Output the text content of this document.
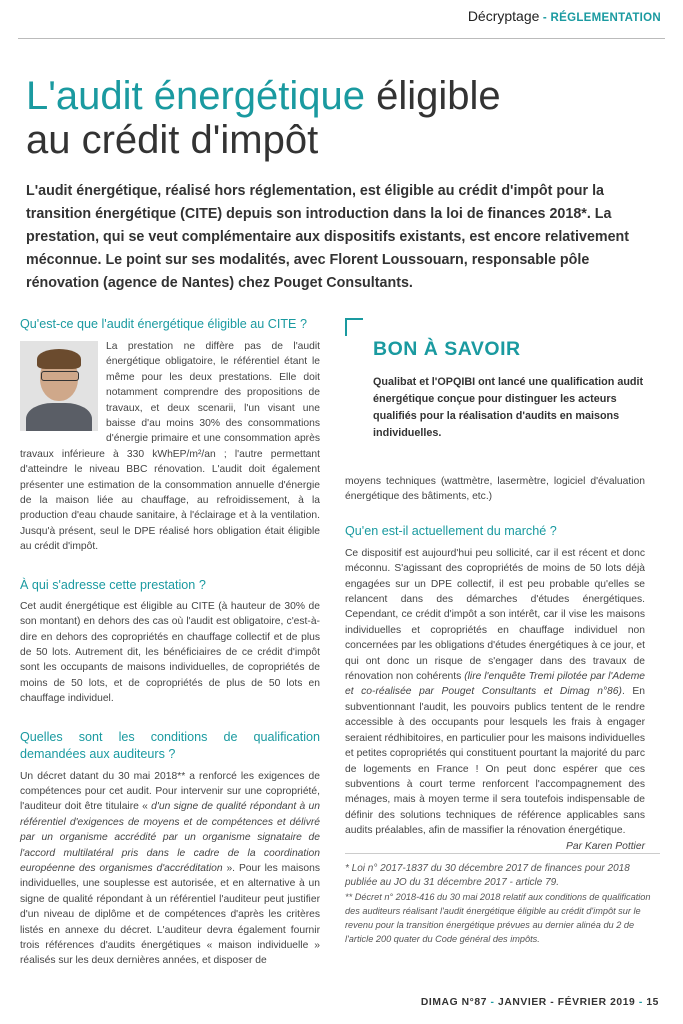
Décryptage - RÉGLEMENTATION
L'audit énergétique éligible
au crédit d'impôt
L'audit énergétique, réalisé hors réglementation, est éligible au crédit d'impôt pour la transition énergétique (CITE) depuis son introduction dans la loi de finances 2018*. La prestation, qui se veut complémentaire aux dispositifs existants, est encore relativement méconnue. Le point sur ses modalités, avec Florent Loussouarn, responsable pôle rénovation (agence de Nantes) chez Pouget Consultants.
Qu'est-ce que l'audit énergétique éligible au CITE ?

La prestation ne diffère pas de l'audit énergétique obligatoire, le référentiel étant le même pour les deux prestations. Elle doit notamment comprendre des propositions de travaux, et deux scenarii, l'un visant une baisse d'au moins 30% des consommations d'énergie primaire et une consommation après travaux inférieure à 330 kWhEP/m²/an ; l'autre permettant d'atteindre le niveau BBC rénovation. L'audit doit également présenter une estimation de la consommation annuelle d'énergie de la maison liée au chauffage, au refroidissement, à la production d'eau chaude sanitaire, à l'éclairage et à la ventilation. Jusqu'à présent, seul le DPE réalisé hors obligation était éligible au crédit d'impôt.

À qui s'adresse cette prestation ?

Cet audit énergétique est éligible au CITE (à hauteur de 30% de son montant) en dehors des cas où l'audit est obligatoire, c'est-à-dire en dehors des copropriétés en chauffage collectif et de plus de 50 lots. Autrement dit, les bénéficiaires de ce crédit d'impôt sont les occupants de maisons individuelles, de copropriétés de moins de 50 lots, et de copropriétés de plus de 50 lots en chauffage individuel.

Quelles sont les conditions de qualification demandées aux auditeurs ?

Un décret datant du 30 mai 2018** a renforcé les exigences de compétences pour cet audit. Pour intervenir sur une copropriété, l'auditeur doit être titulaire « d'un signe de qualité répondant à un référentiel d'exigences de moyens et de compétences et délivré par un organisme accrédité par un organisme signataire de l'accord multilatéral pris dans le cadre de la coordination européenne des organismes d'accréditation ». Pour les maisons individuelles, une souplesse est autorisée, et en alternative à un signe de qualité répondant à un référentiel l'auditeur peut justifier d'un niveau de diplôme et de compétences d'après les critères listés en annexe du décret. L'auditeur devra également fournir trois références d'audits énergétiques « maison individuelle » réalisés sur les deux dernières années, et disposer de

BON À SAVOIR
Qualibat et l'OPQIBI ont lancé une qualification audit énergétique conçue pour distinguer les acteurs qualifiés pour la réalisation d'audits en maisons individuelles.

moyens techniques (wattmètre, lasermètre, logiciel d'évaluation énergétique des bâtiments, etc.)

Qu'en est-il actuellement du marché ?

Ce dispositif est aujourd'hui peu sollicité, car il est récent et donc méconnu. S'agissant des copropriétés de moins de 50 lots déjà engagées sur un DPE collectif, il est peu probable qu'elles se relancent dans des démarches d'études énergétiques. Cependant, ce crédit d'impôt a son intérêt, car il vise les maisons individuelles et copropriétés en chauffage individuel non concernées par les obligations d'études énergétiques à ce jour, et qui ont donc un risque de s'engager dans des travaux de rénovation non cohérents (lire l'enquête Tremi pilotée par l'Ademe et co-réalisée par Pouget Consultants et Dimag n°86). En subventionnant l'audit, les pouvoirs publics tentent de le rendre accessible à des occupants pour lesquels les frais à engager seraient rédhibitoires, en particulier pour les maisons individuelles et petites copropriétés qui constituent pourtant la majorité du parc de logements en France ! On peut donc espérer que ces subventions à court terme renforcent l'accompagnement des ménages, mais à moyen terme il sera toutefois indispensable de définir des solutions techniques de référence applicables sans audits préalables, afin de massifier la rénovation énergétique.

Par Karen Pottier

* Loi n° 2017-1837 du 30 décembre 2017 de finances pour 2018 publiée au JO du 31 décembre 2017 - article 79.

** Décret n° 2018-416 du 30 mai 2018 relatif aux conditions de qualification des auditeurs réalisant l'audit énergétique éligible au crédit d'impôt sur le revenu pour la transition énergétique prévues au dernier alinéa du 2 de l'article 200 quater du Code général des impôts.

DIMAG N°87 - JANVIER - FÉVRIER 2019 - 15
